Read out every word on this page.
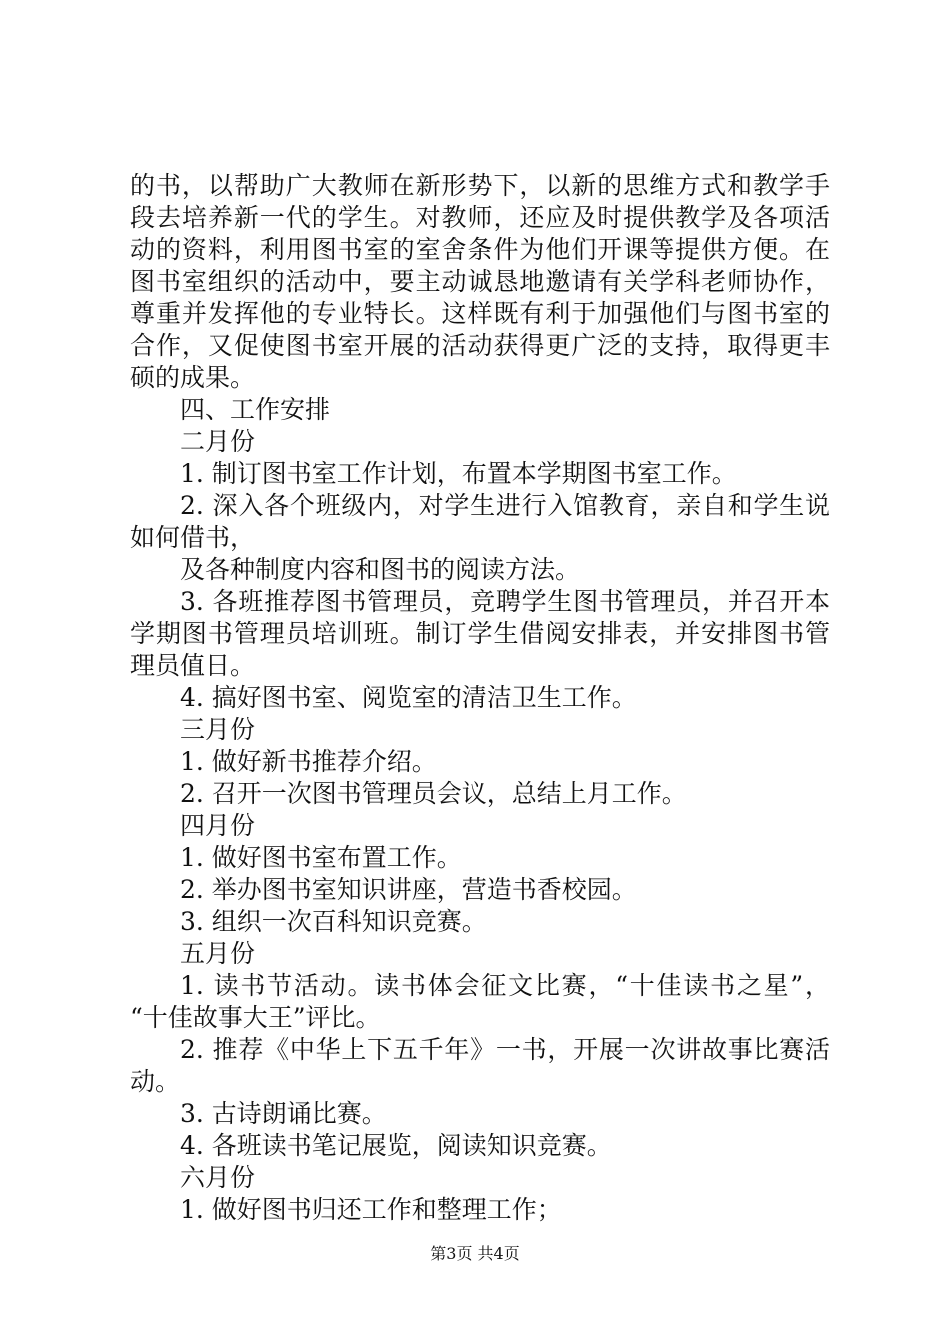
的书，以帮助广大教师在新形势下，以新的思维方式和教学手
段去培养新一代的学生。对教师，还应及时提供教学及各项活
动的资料，利用图书室的室舍条件为他们开课等提供方便。在
图书室组织的活动中，要主动诚恳地邀请有关学科老师协作，
尊重并发挥他的专业特长。这样既有利于加强他们与图书室的
合作，又促使图书室开展的活动获得更广泛的支持，取得更丰
硕的成果。
四、工作安排
二月份
1. 制订图书室工作计划，布置本学期图书室工作。
2. 深入各个班级内，对学生进行入馆教育，亲自和学生说
如何借书，
及各种制度内容和图书的阅读方法。
3. 各班推荐图书管理员，竞聘学生图书管理员，并召开本
学期图书管理员培训班。制订学生借阅安排表，并安排图书管
理员值日。
4. 搞好图书室、阅览室的清洁卫生工作。
三月份
1. 做好新书推荐介绍。
2. 召开一次图书管理员会议，总结上月工作。
四月份
1. 做好图书室布置工作。
2. 举办图书室知识讲座，营造书香校园。
3. 组织一次百科知识竞赛。
五月份
1. 读书节活动。读书体会征文比赛，“十佳读书之星”，
“十佳故事大王”评比。
2. 推荐《中华上下五千年》一书，开展一次讲故事比赛活
动。
3. 古诗朗诵比赛。
4. 各班读书笔记展览，阅读知识竞赛。
六月份
1. 做好图书归还工作和整理工作；
第3页 共4页
